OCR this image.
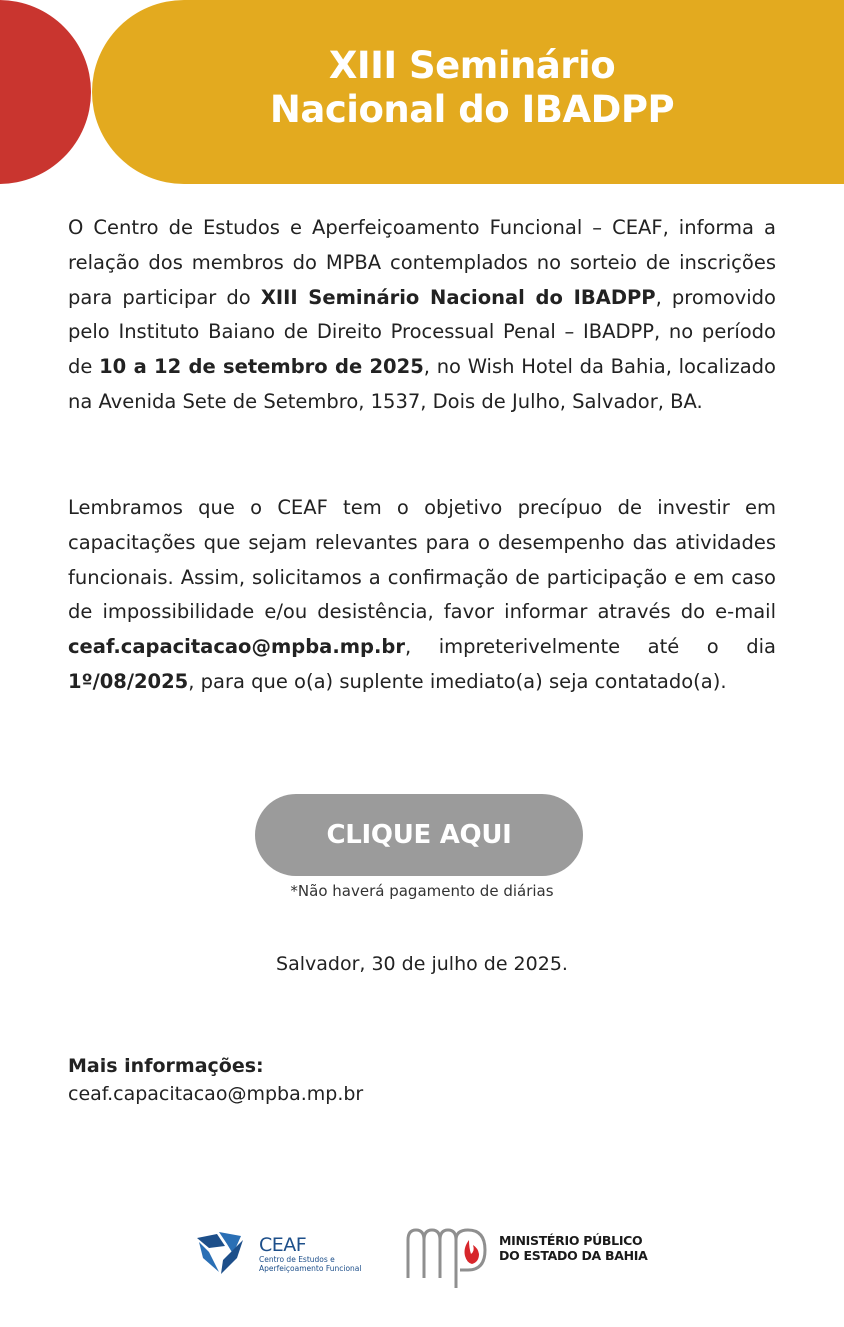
XIII Seminário
Nacional do IBADPP
O Centro de Estudos e Aperfeiçoamento Funcional – CEAF, informa a relação dos membros do MPBA contemplados no sorteio de inscrições para participar do XIII Seminário Nacional do IBADPP, promovido pelo Instituto Baiano de Direito Processual Penal – IBADPP, no período de 10 a 12 de setembro de 2025, no Wish Hotel da Bahia, localizado na Avenida Sete de Setembro, 1537, Dois de Julho, Salvador, BA.
Lembramos que o CEAF tem o objetivo precípuo de investir em capacitações que sejam relevantes para o desempenho das atividades funcionais. Assim, solicitamos a confirmação de participação e em caso de impossibilidade e/ou desistência, favor informar através do e-mail ceaf.capacitacao@mpba.mp.br, impreterivelmente até o dia 1º/08/2025, para que o(a) suplente imediato(a) seja contatado(a).
CLIQUE AQUI
*Não haverá pagamento de diárias
Salvador, 30 de julho de 2025.
Mais informações:
ceaf.capacitacao@mpba.mp.br
CEAF
Centro de Estudos e
Aperfeiçoamento Funcional
MINISTÉRIO PÚBLICO
DO ESTADO DA BAHIA
